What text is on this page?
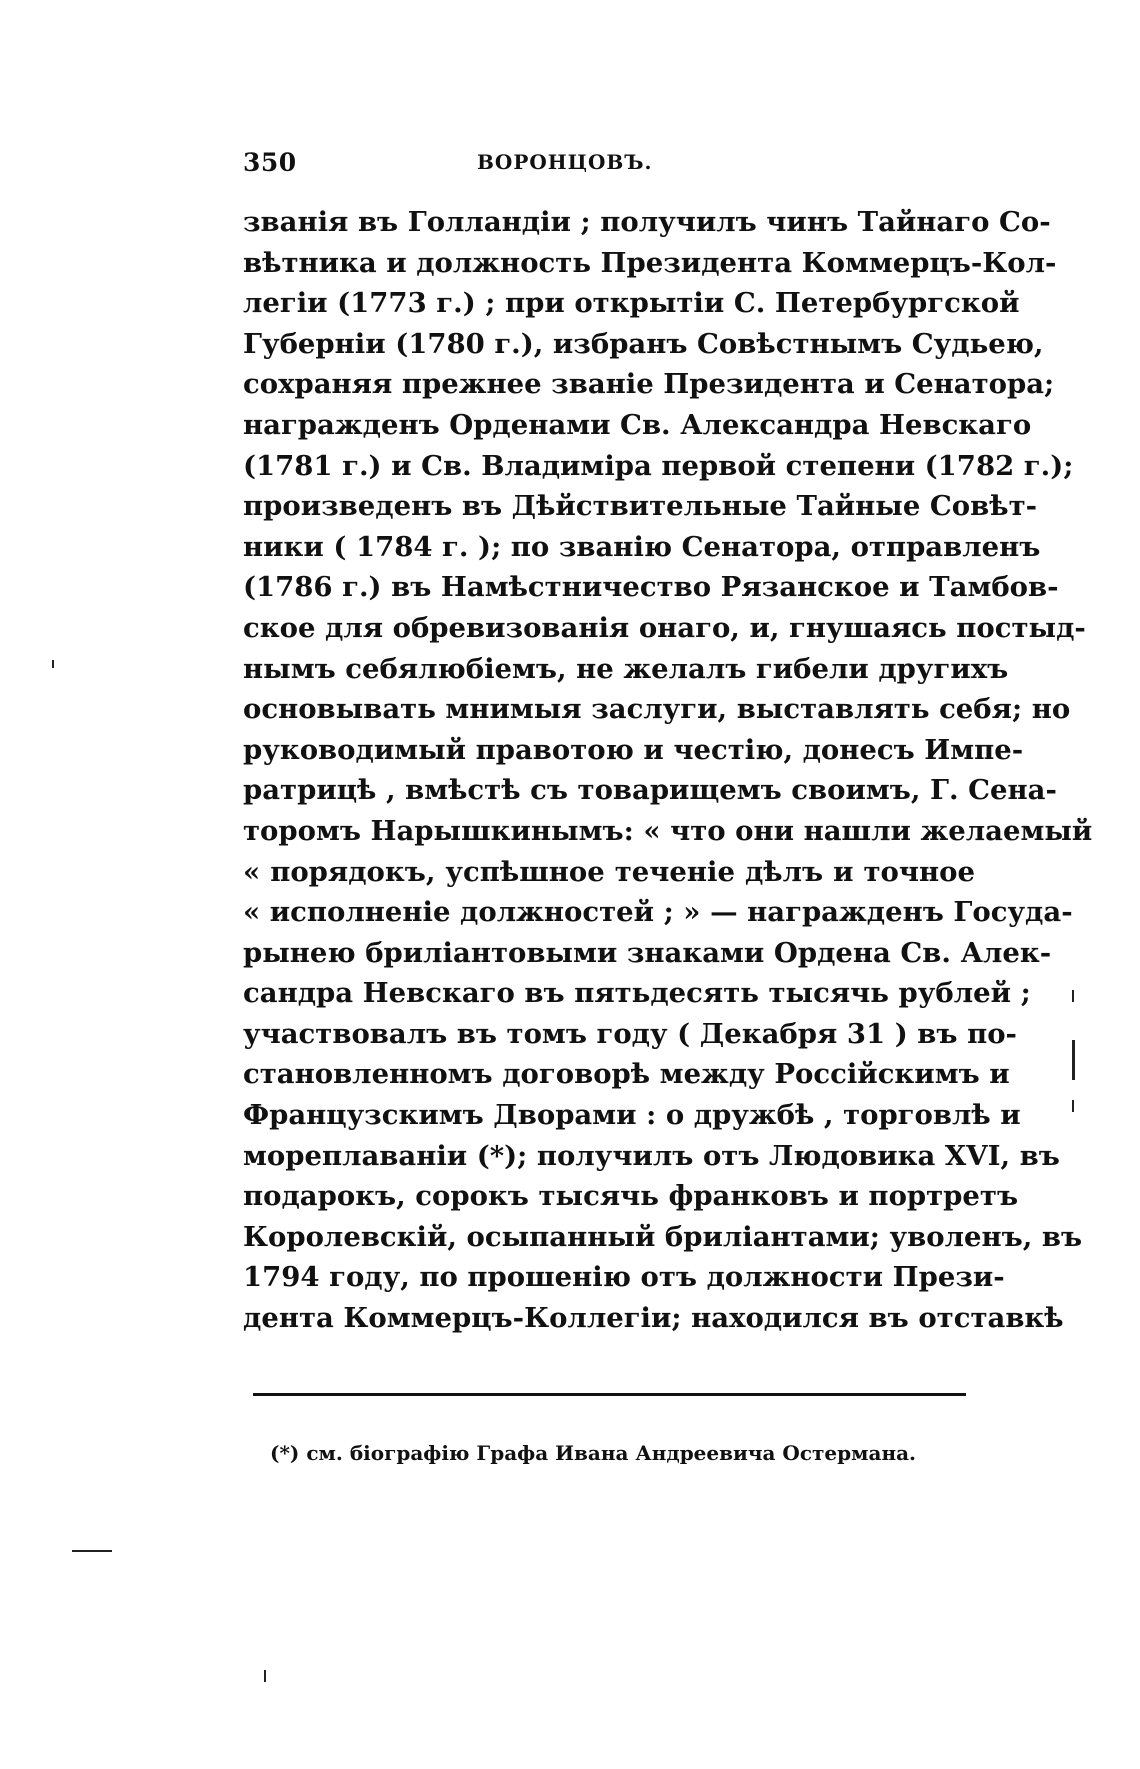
350	ВОРОНЦОВЪ.
званія въ Голландіи ; получилъ чинъ Тайнаго Со-
вѣтника и должность Президента Коммерцъ-Кол-
легіи (1773 г.) ; при открытіи С. Петербургской
Губерніи (1780 г.), избранъ Совѣстнымъ Судьею,
сохраняя прежнее званіе Президента и Сенатора;
награжденъ Орденами Св. Александра Невскаго
(1781 г.) и Св. Владиміра первой степени (1782 г.);
произведенъ въ Дѣйствительные Тайные Совѣт-
ники ( 1784 г. ); по званію Сенатора, отправленъ
(1786 г.) въ Намѣстничество Рязанское и Тамбов-
ское для обревизованія онаго, и, гнушаясь постыд-
нымъ себялюбіемъ, не желалъ гибели другихъ
основывать мнимыя заслуги, выставлять себя; но
руководимый правотою и честію, донесъ Импе-
ратрицѣ , вмѣстѣ съ товарищемъ своимъ, Г. Сена-
торомъ Нарышкинымъ: « что они нашли желаемый
« порядокъ, успѣшное теченіе дѣлъ и точное
« исполненіе должностей ; » — награжденъ Госуда-
рынею бриліантовыми знаками Ордена Св. Алек-
сандра Невскаго въ пятьдесять тысячь рублей ;
участвовалъ въ томъ году ( Декабря 31 ) въ по-
становленномъ договорѣ между Россійскимъ и
Французскимъ Дворами : о дружбѣ , торговлѣ и
мореплаваніи (*); получилъ отъ Людовика XVI, въ
подарокъ, сорокъ тысячь франковъ и портретъ
Королевскій, осыпанный бриліантами; уволенъ, въ
1794 году, по прошенію отъ должности Прези-
дента Коммерцъ-Коллегіи; находился въ отставкѣ
(*) см. біографію Графа Ивана Андреевича Остермана.
